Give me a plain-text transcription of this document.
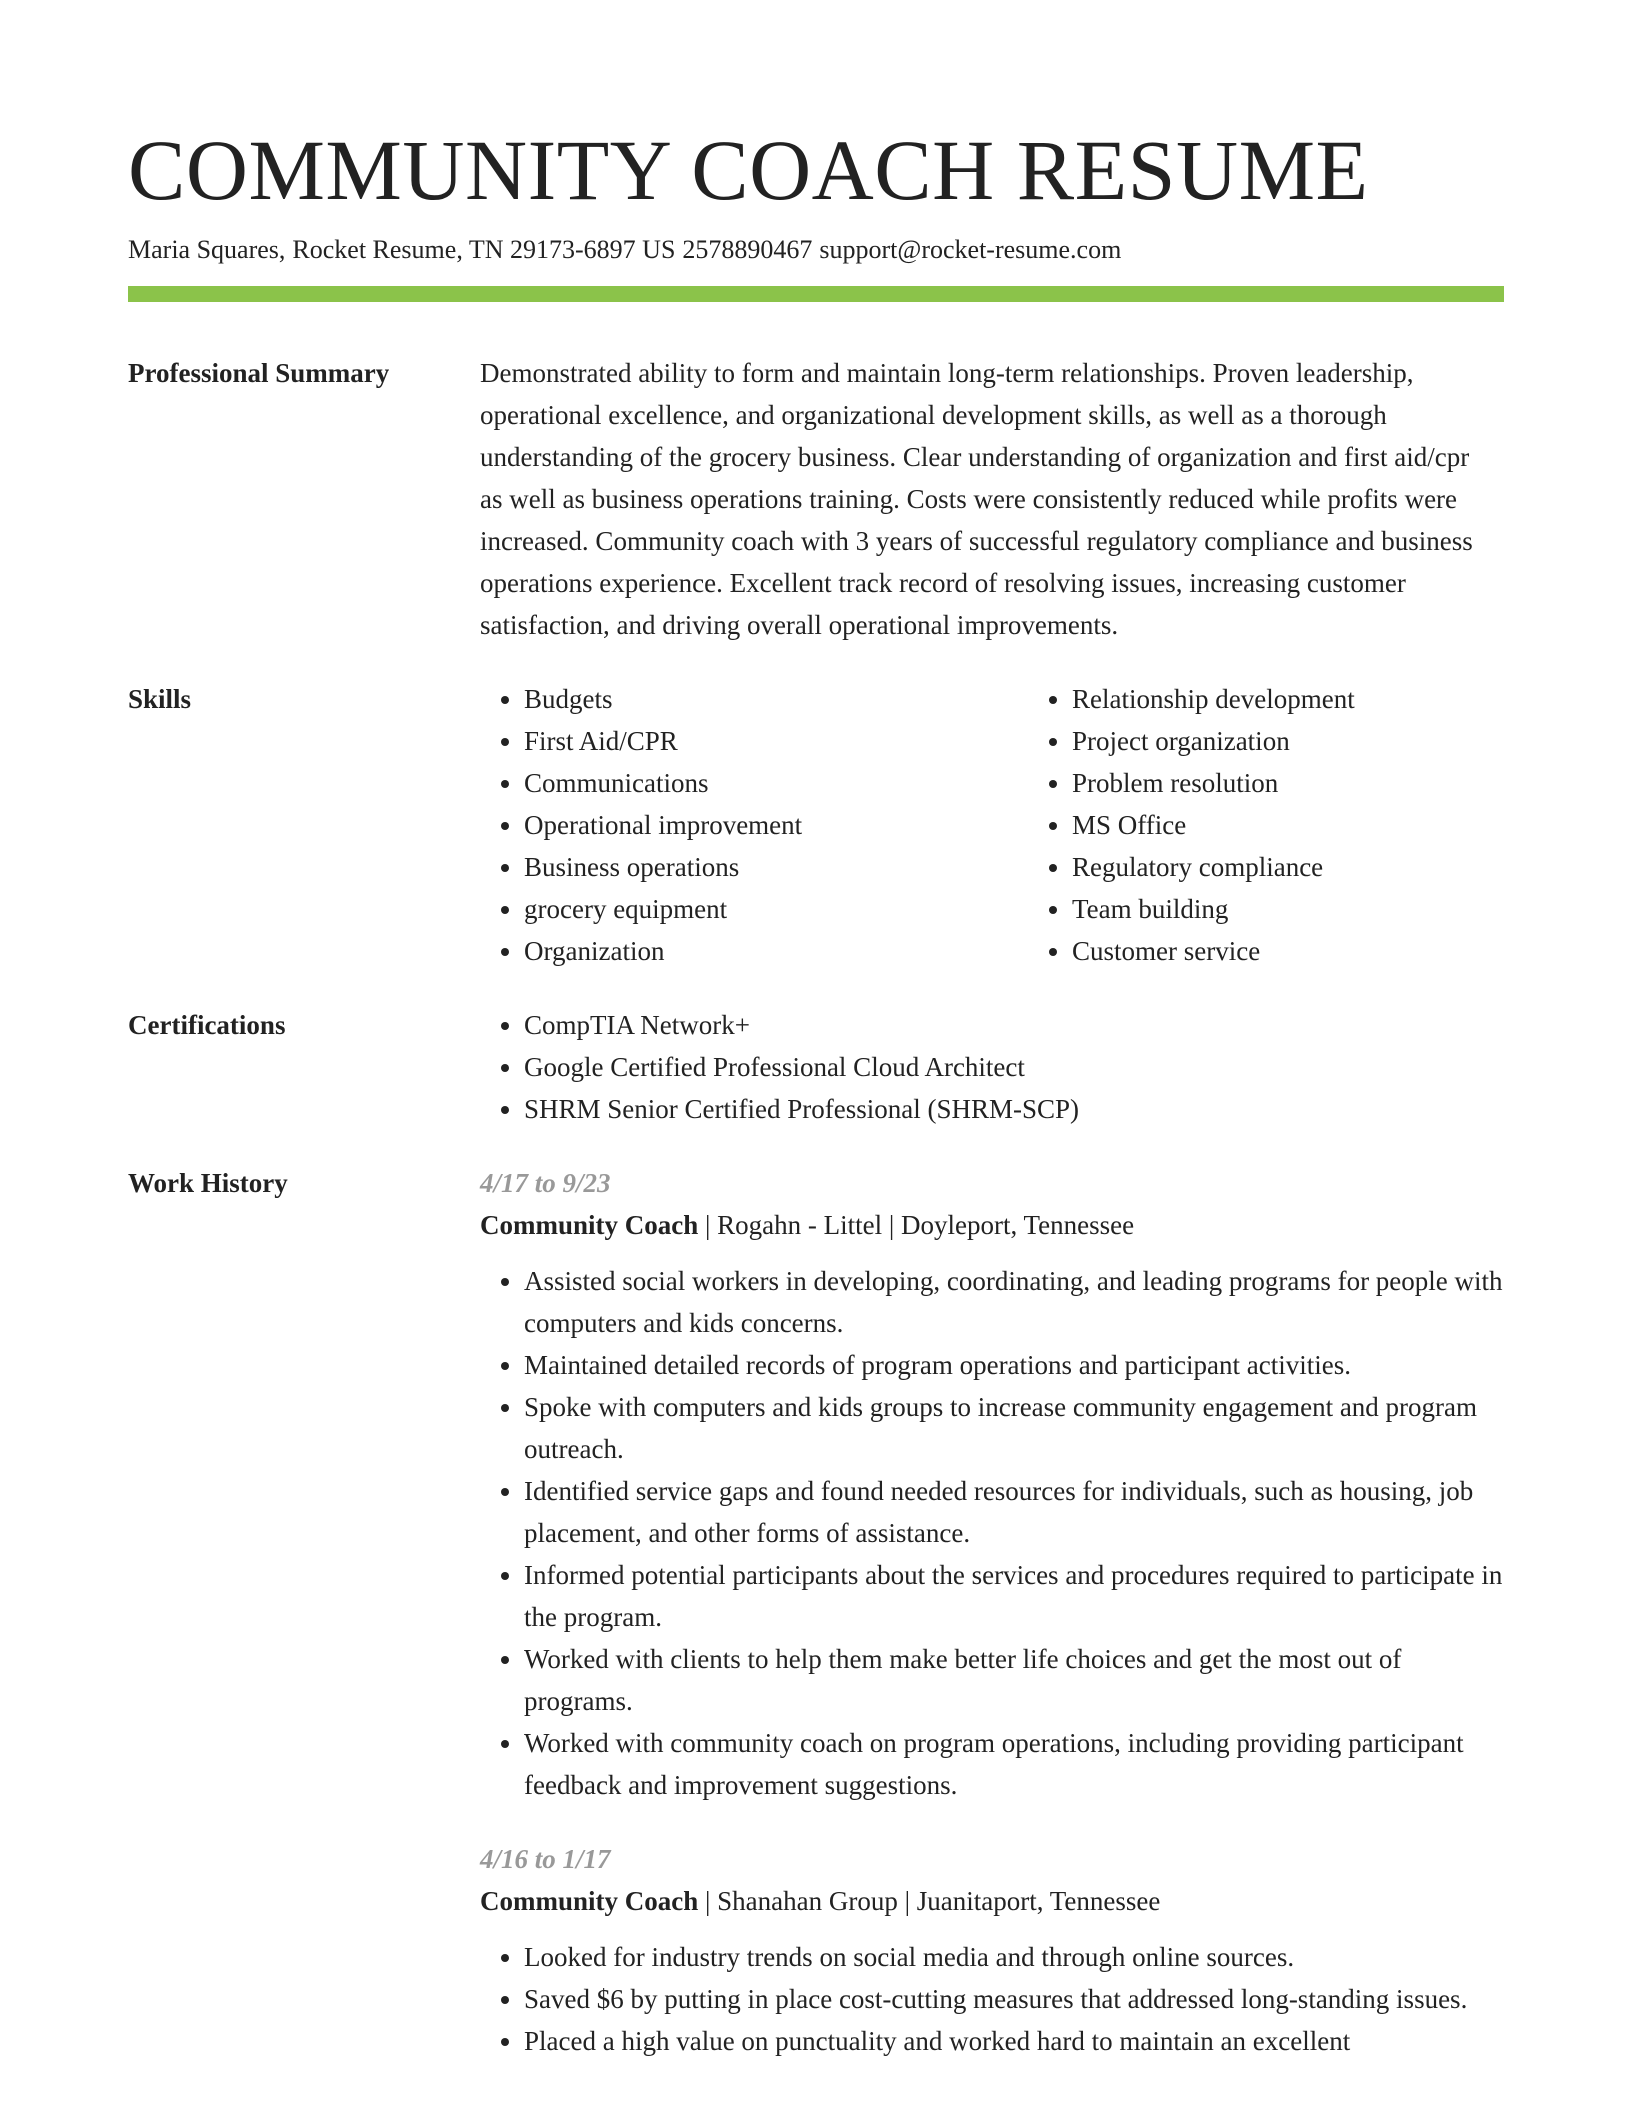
COMMUNITY COACH RESUME
Maria Squares, Rocket Resume, TN 29173-6897 US 2578890467 support@rocket-resume.com
Professional Summary	Demonstrated ability to form and maintain long-term relationships. Proven leadership, operational excellence, and organizational development skills, as well as a thorough understanding of the grocery business. Clear understanding of organization and first aid/cpr as well as business operations training. Costs were consistently reduced while profits were increased. Community coach with 3 years of successful regulatory compliance and business operations experience. Excellent track record of resolving issues, increasing customer satisfaction, and driving overall operational improvements.
Skills	• Budgets
• First Aid/CPR
• Communications
• Operational improvement
• Business operations
• grocery equipment
• Organization
• Relationship development
• Project organization
• Problem resolution
• MS Office
• Regulatory compliance
• Team building
• Customer service
Certifications	• CompTIA Network+
• Google Certified Professional Cloud Architect
• SHRM Senior Certified Professional (SHRM-SCP)
Work History	4/17 to 9/23
Community Coach | Rogahn - Littel | Doyleport, Tennessee
• Assisted social workers in developing, coordinating, and leading programs for people with computers and kids concerns.
• Maintained detailed records of program operations and participant activities.
• Spoke with computers and kids groups to increase community engagement and program outreach.
• Identified service gaps and found needed resources for individuals, such as housing, job placement, and other forms of assistance.
• Informed potential participants about the services and procedures required to participate in the program.
• Worked with clients to help them make better life choices and get the most out of programs.
• Worked with community coach on program operations, including providing participant feedback and improvement suggestions.
4/16 to 1/17
Community Coach | Shanahan Group | Juanitaport, Tennessee
• Looked for industry trends on social media and through online sources.
• Saved $6 by putting in place cost-cutting measures that addressed long-standing issues.
• Placed a high value on punctuality and worked hard to maintain an excellent
